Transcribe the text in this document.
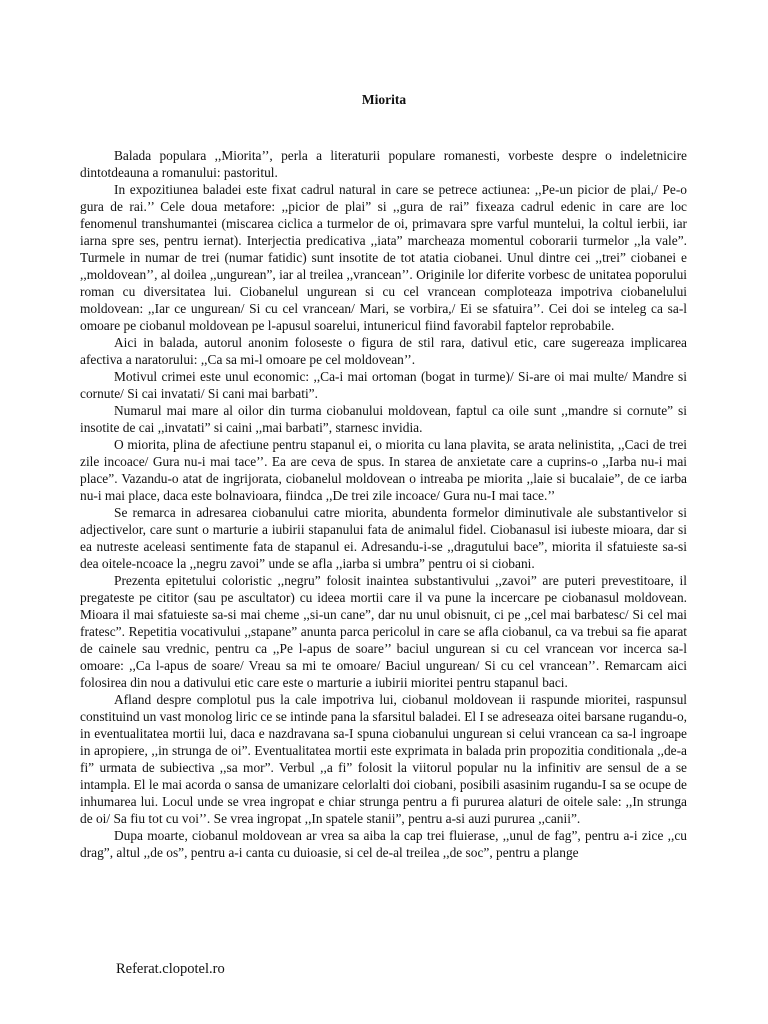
Miorita

Balada populara ,,Miorita’’, perla a literaturii populare romanesti, vorbeste despre o indeletnicire dintotdeauna a romanului: pastoritul.

In expozitiunea baladei este fixat cadrul natural in care se petrece actiunea: ,,Pe-un picior de plai,/ Pe-o gura de rai.’’ Cele doua metafore: ,,picior de plai” si ,,gura de rai” fixeaza cadrul edenic in care are loc fenomenul transhumantei (miscarea ciclica a turmelor de oi, primavara spre varful muntelui, la coltul ierbii, iar iarna spre ses, pentru iernat). Interjectia predicativa ,,iata” marcheaza momentul coborarii turmelor ,,la vale”. Turmele in numar de trei (numar fatidic) sunt insotite de tot atatia ciobanei. Unul dintre cei ,,trei” ciobanei e ,,moldovean’’, al doilea ,,ungurean”, iar al treilea ,,vrancean’’. Originile lor diferite vorbesc de unitatea poporului roman cu diversitatea lui. Ciobanelul ungurean si cu cel vrancean comploteaza impotriva ciobanelului moldovean: ,,Iar ce ungurean/ Si cu cel vrancean/ Mari, se vorbira,/ Ei se sfatuira’’. Cei doi se inteleg ca sa-l omoare pe ciobanul moldovean pe l-apusul soarelui, intunericul fiind favorabil faptelor reprobabile.

Aici in balada, autorul anonim foloseste o figura de stil rara, dativul etic, care sugereaza implicarea afectiva a naratorului: ,,Ca sa mi-l omoare pe cel moldovean’’.

Motivul crimei este unul economic: ,,Ca-i mai ortoman (bogat in turme)/ Si-are oi mai multe/ Mandre si cornute/ Si cai invatati/ Si cani mai barbati”.

Numarul mai mare al oilor din turma ciobanului moldovean, faptul ca oile sunt ,,mandre si cornute” si insotite de cai ,,invatati” si caini ,,mai barbati”, starnesc invidia.

O miorita, plina de afectiune pentru stapanul ei, o miorita cu lana plavita, se arata nelinistita, ,,Caci de trei zile incoace/ Gura nu-i mai tace’’. Ea are ceva de spus. In starea de anxietate care a cuprins-o ,,Iarba nu-i mai place”. Vazandu-o atat de ingrijorata, ciobanelul moldovean o intreaba pe miorita ,,laie si bucalaie”, de ce iarba nu-i mai place, daca este bolnavioara, fiindca ,,De trei zile incoace/ Gura nu-I mai tace.’’

Se remarca in adresarea ciobanului catre miorita, abundenta formelor diminutivale ale substantivelor si adjectivelor, care sunt o marturie a iubirii stapanului fata de animalul fidel. Ciobanasul isi iubeste mioara, dar si ea nutreste aceleasi sentimente fata de stapanul ei. Adresandu-i-se ,,dragutului bace”, miorita il sfatuieste sa-si dea oitele-ncoace la ,,negru zavoi” unde se afla ,,iarba si umbra” pentru oi si ciobani.

Prezenta epitetului coloristic ,,negru” folosit inaintea substantivului ,,zavoi” are puteri prevestitoare, il pregateste pe cititor (sau pe ascultator) cu ideea mortii care il va pune la incercare pe ciobanasul moldovean. Mioara il mai sfatuieste sa-si mai cheme ,,si-un cane”, dar nu unul obisnuit, ci pe ,,cel mai barbatesc/ Si cel mai fratesc”. Repetitia vocativului ,,stapane” anunta parca pericolul in care se afla ciobanul, ca va trebui sa fie aparat de cainele sau vrednic, pentru ca ,,Pe l-apus de soare’’ baciul ungurean si cu cel vrancean vor incerca sa-l omoare: ,,Ca l-apus de soare/ Vreau sa mi te omoare/ Baciul ungurean/ Si cu cel vrancean’’. Remarcam aici folosirea din nou a dativului etic care este o marturie a iubirii mioritei pentru stapanul baci.

Afland despre complotul pus la cale impotriva lui, ciobanul moldovean ii raspunde mioritei, raspunsul constituind un vast monolog liric ce se intinde pana la sfarsitul baladei. El I se adreseaza oitei barsane rugandu-o, in eventualitatea mortii lui, daca e nazdravana sa-I spuna ciobanului ungurean si celui vrancean ca sa-l ingroape in apropiere, ,,in strunga de oi”. Eventualitatea mortii este exprimata in balada prin propozitia conditionala ,,de-a fi” urmata de subiectiva ,,sa mor”. Verbul ,,a fi” folosit la viitorul popular nu la infinitiv are sensul de a se intampla. El le mai acorda o sansa de umanizare celorlalti doi ciobani, posibili asasinim rugandu-I sa se ocupe de inhumarea lui. Locul unde se vrea ingropat e chiar strunga pentru a fi pururea alaturi de oitele sale: ,,In strunga de oi/ Sa fiu tot cu voi’’. Se vrea ingropat ,,In spatele stanii”, pentru a-si auzi pururea ,,canii”.

Dupa moarte, ciobanul moldovean ar vrea sa aiba la cap trei fluierase, ,,unul de fag”, pentru a-i zice ,,cu drag”, altul ,,de os”, pentru a-i canta cu duioasie, si cel de-al treilea ,,de soc”, pentru a plange

Referat.clopotel.ro
